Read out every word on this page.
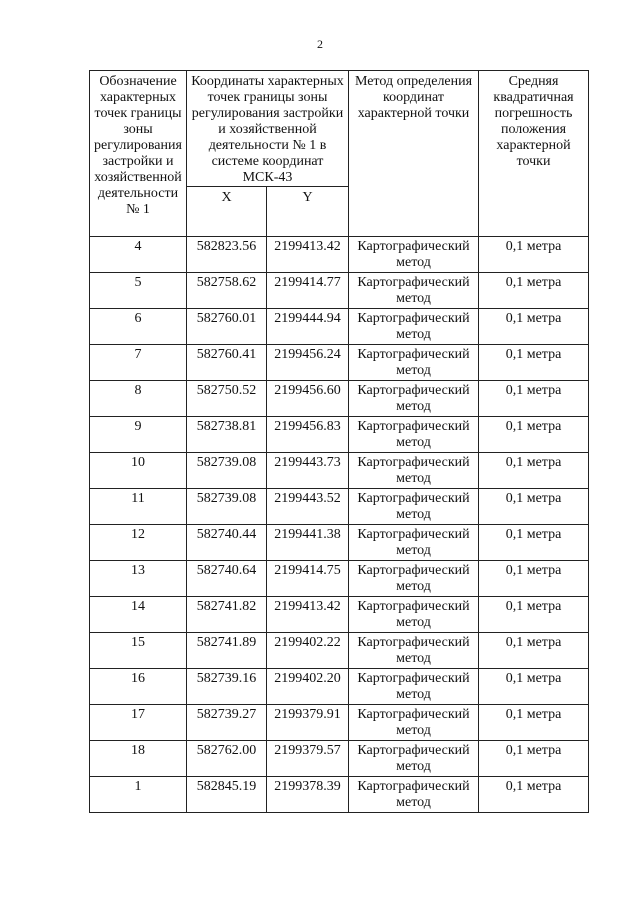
2
Обозначение характерных точек границы зоны регулирования застройки и хозяйственной деятельности № 1	Координаты характерных точек границы зоны регулирования застройки и хозяйственной деятельности № 1 в системе координат МСК-43		Метод определения координат характерной точки	Средняя квадратичная погрешность положения характерной точки
	X	Y		
4	582823.56	2199413.42	Картографический метод	0,1 метра
5	582758.62	2199414.77	Картографический метод	0,1 метра
6	582760.01	2199444.94	Картографический метод	0,1 метра
7	582760.41	2199456.24	Картографический метод	0,1 метра
8	582750.52	2199456.60	Картографический метод	0,1 метра
9	582738.81	2199456.83	Картографический метод	0,1 метра
10	582739.08	2199443.73	Картографический метод	0,1 метра
11	582739.08	2199443.52	Картографический метод	0,1 метра
12	582740.44	2199441.38	Картографический метод	0,1 метра
13	582740.64	2199414.75	Картографический метод	0,1 метра
14	582741.82	2199413.42	Картографический метод	0,1 метра
15	582741.89	2199402.22	Картографический метод	0,1 метра
16	582739.16	2199402.20	Картографический метод	0,1 метра
17	582739.27	2199379.91	Картографический метод	0,1 метра
18	582762.00	2199379.57	Картографический метод	0,1 метра
1	582845.19	2199378.39	Картографический метод	0,1 метра
